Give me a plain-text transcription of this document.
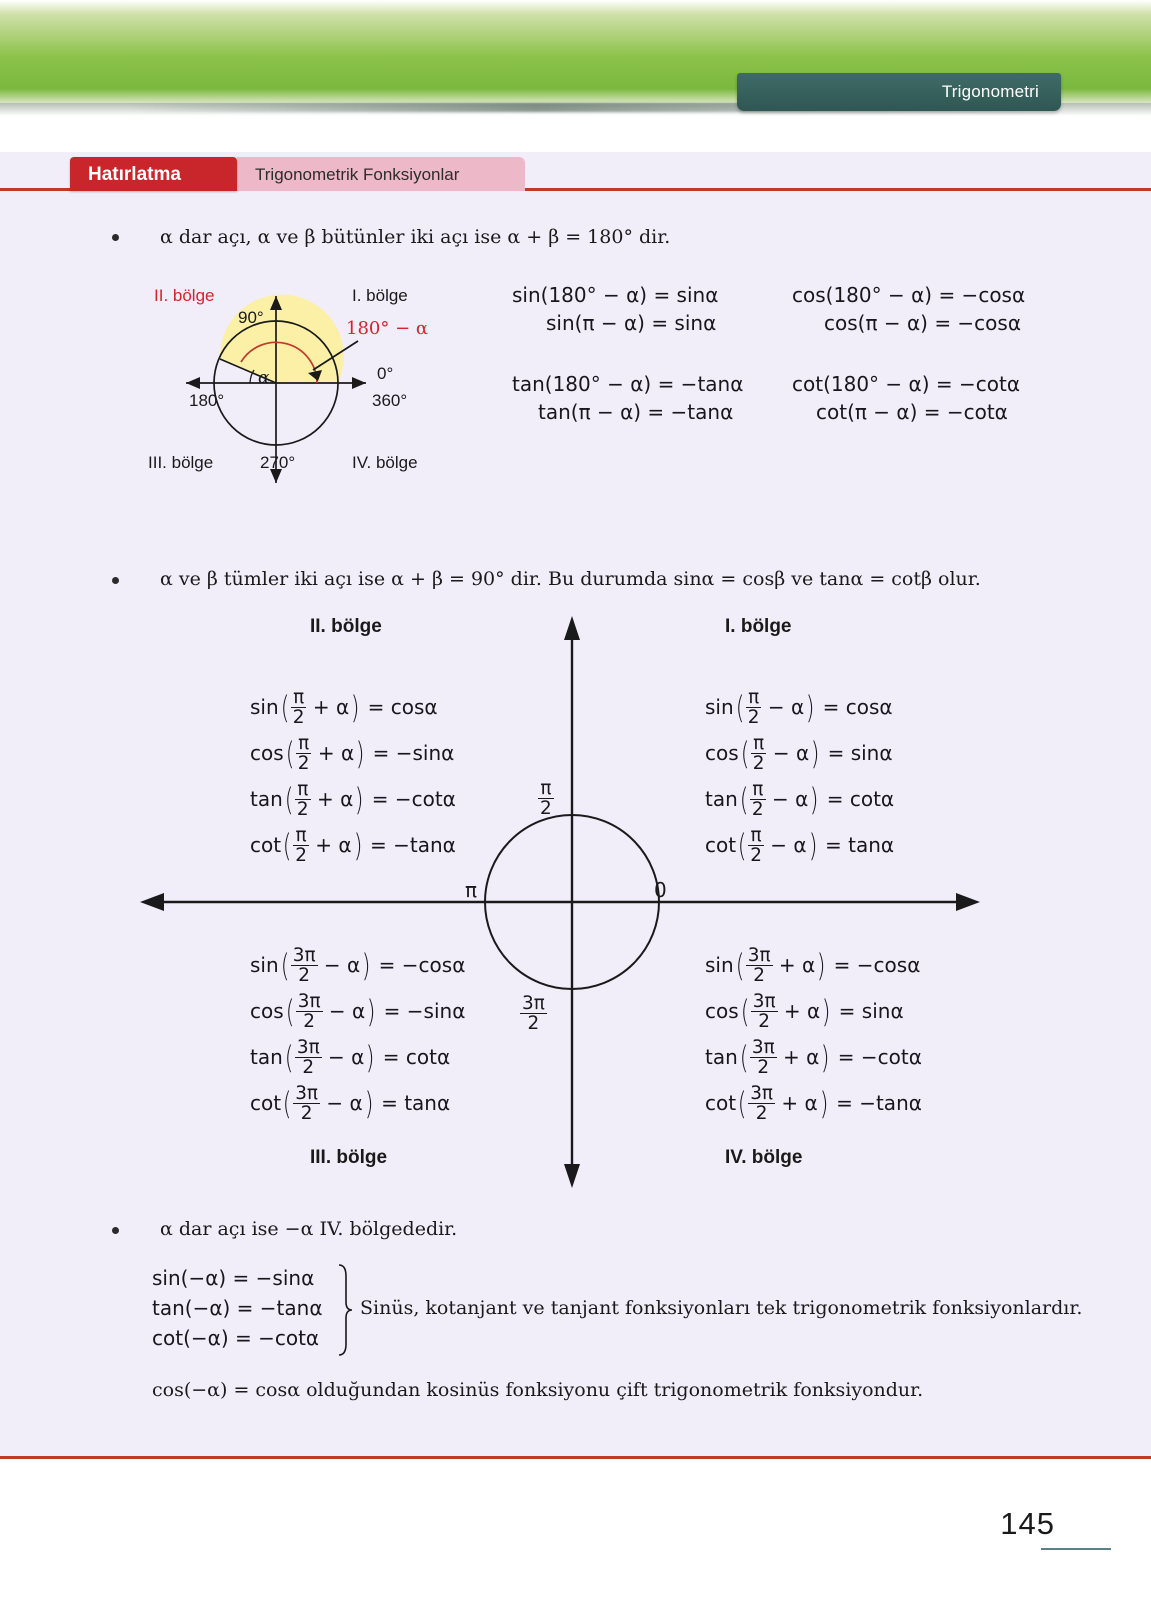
Trigonometri
Trigonometrik Fonksiyonlar
Hatırlatma
α dar açı, α ve β bütünler iki açı ise α + β = 180° dir.
II. bölge	I. bölge
III. bölge	IV. bölge
90°
0°
360°
180°
270°
α
180° − α
sin(180° − α) = sinα
sin(π − α) = sinα
tan(180° − α) = −tanα
tan(π − α) = −tanα
cos(180° − α) = −cosα
cos(π − α) = −cosα
cot(180° − α) = −cotα
cot(π − α) = −cotα
α ve β tümler iki açı ise α + β = 90° dir. Bu durumda sinα = cosβ ve tanα = cotβ olur.
II. bölge	I. bölge
III. bölge	IV. bölge
$\frac{\pi}{2}$
$\frac{3\pi}{2}$
π	0
$\sin( \frac{\pi}{2} + \alpha) = \cos\alpha$
$\cos( \frac{\pi}{2} + \alpha) = -\sin\alpha$
$\tan( \frac{\pi}{2} + \alpha) = -\cot\alpha$
$\cot( \frac{\pi}{2} + \alpha) = -\tan\alpha$
$\sin( \frac{\pi}{2} - \alpha) = \cos\alpha$
$\cos( \frac{\pi}{2} - \alpha) = \sin\alpha$
$\tan( \frac{\pi}{2} - \alpha) = \cot\alpha$
$\cot( \frac{\pi}{2} - \alpha) = \tan\alpha$
$\sin( \frac{3\pi}{2} - \alpha) = -\cos\alpha$
$\cos( \frac{3\pi}{2} - \alpha) = -\sin\alpha$
$\tan( \frac{3\pi}{2} - \alpha) = \cot\alpha$
$\cot( \frac{3\pi}{2} - \alpha) = \tan\alpha$
$\sin( \frac{3\pi}{2} + \alpha) = -\cos\alpha$
$\cos( \frac{3\pi}{2} + \alpha) = \sin\alpha$
$\tan( \frac{3\pi}{2} + \alpha) = -\cot\alpha$
$\cot( \frac{3\pi}{2} + \alpha) = -\tan\alpha$
α dar açı ise −α IV. bölgededir.
sin(−α) = −sinα
tan(−α) = −tanα
cot(−α) = −cotα
Sinüs, kotanjant ve tanjant fonksiyonları tek trigonometrik fonksiyonlardır.
cos(−α) = cosα olduğundan kosinüs fonksiyonu çift trigonometrik fonksiyondur.
145
